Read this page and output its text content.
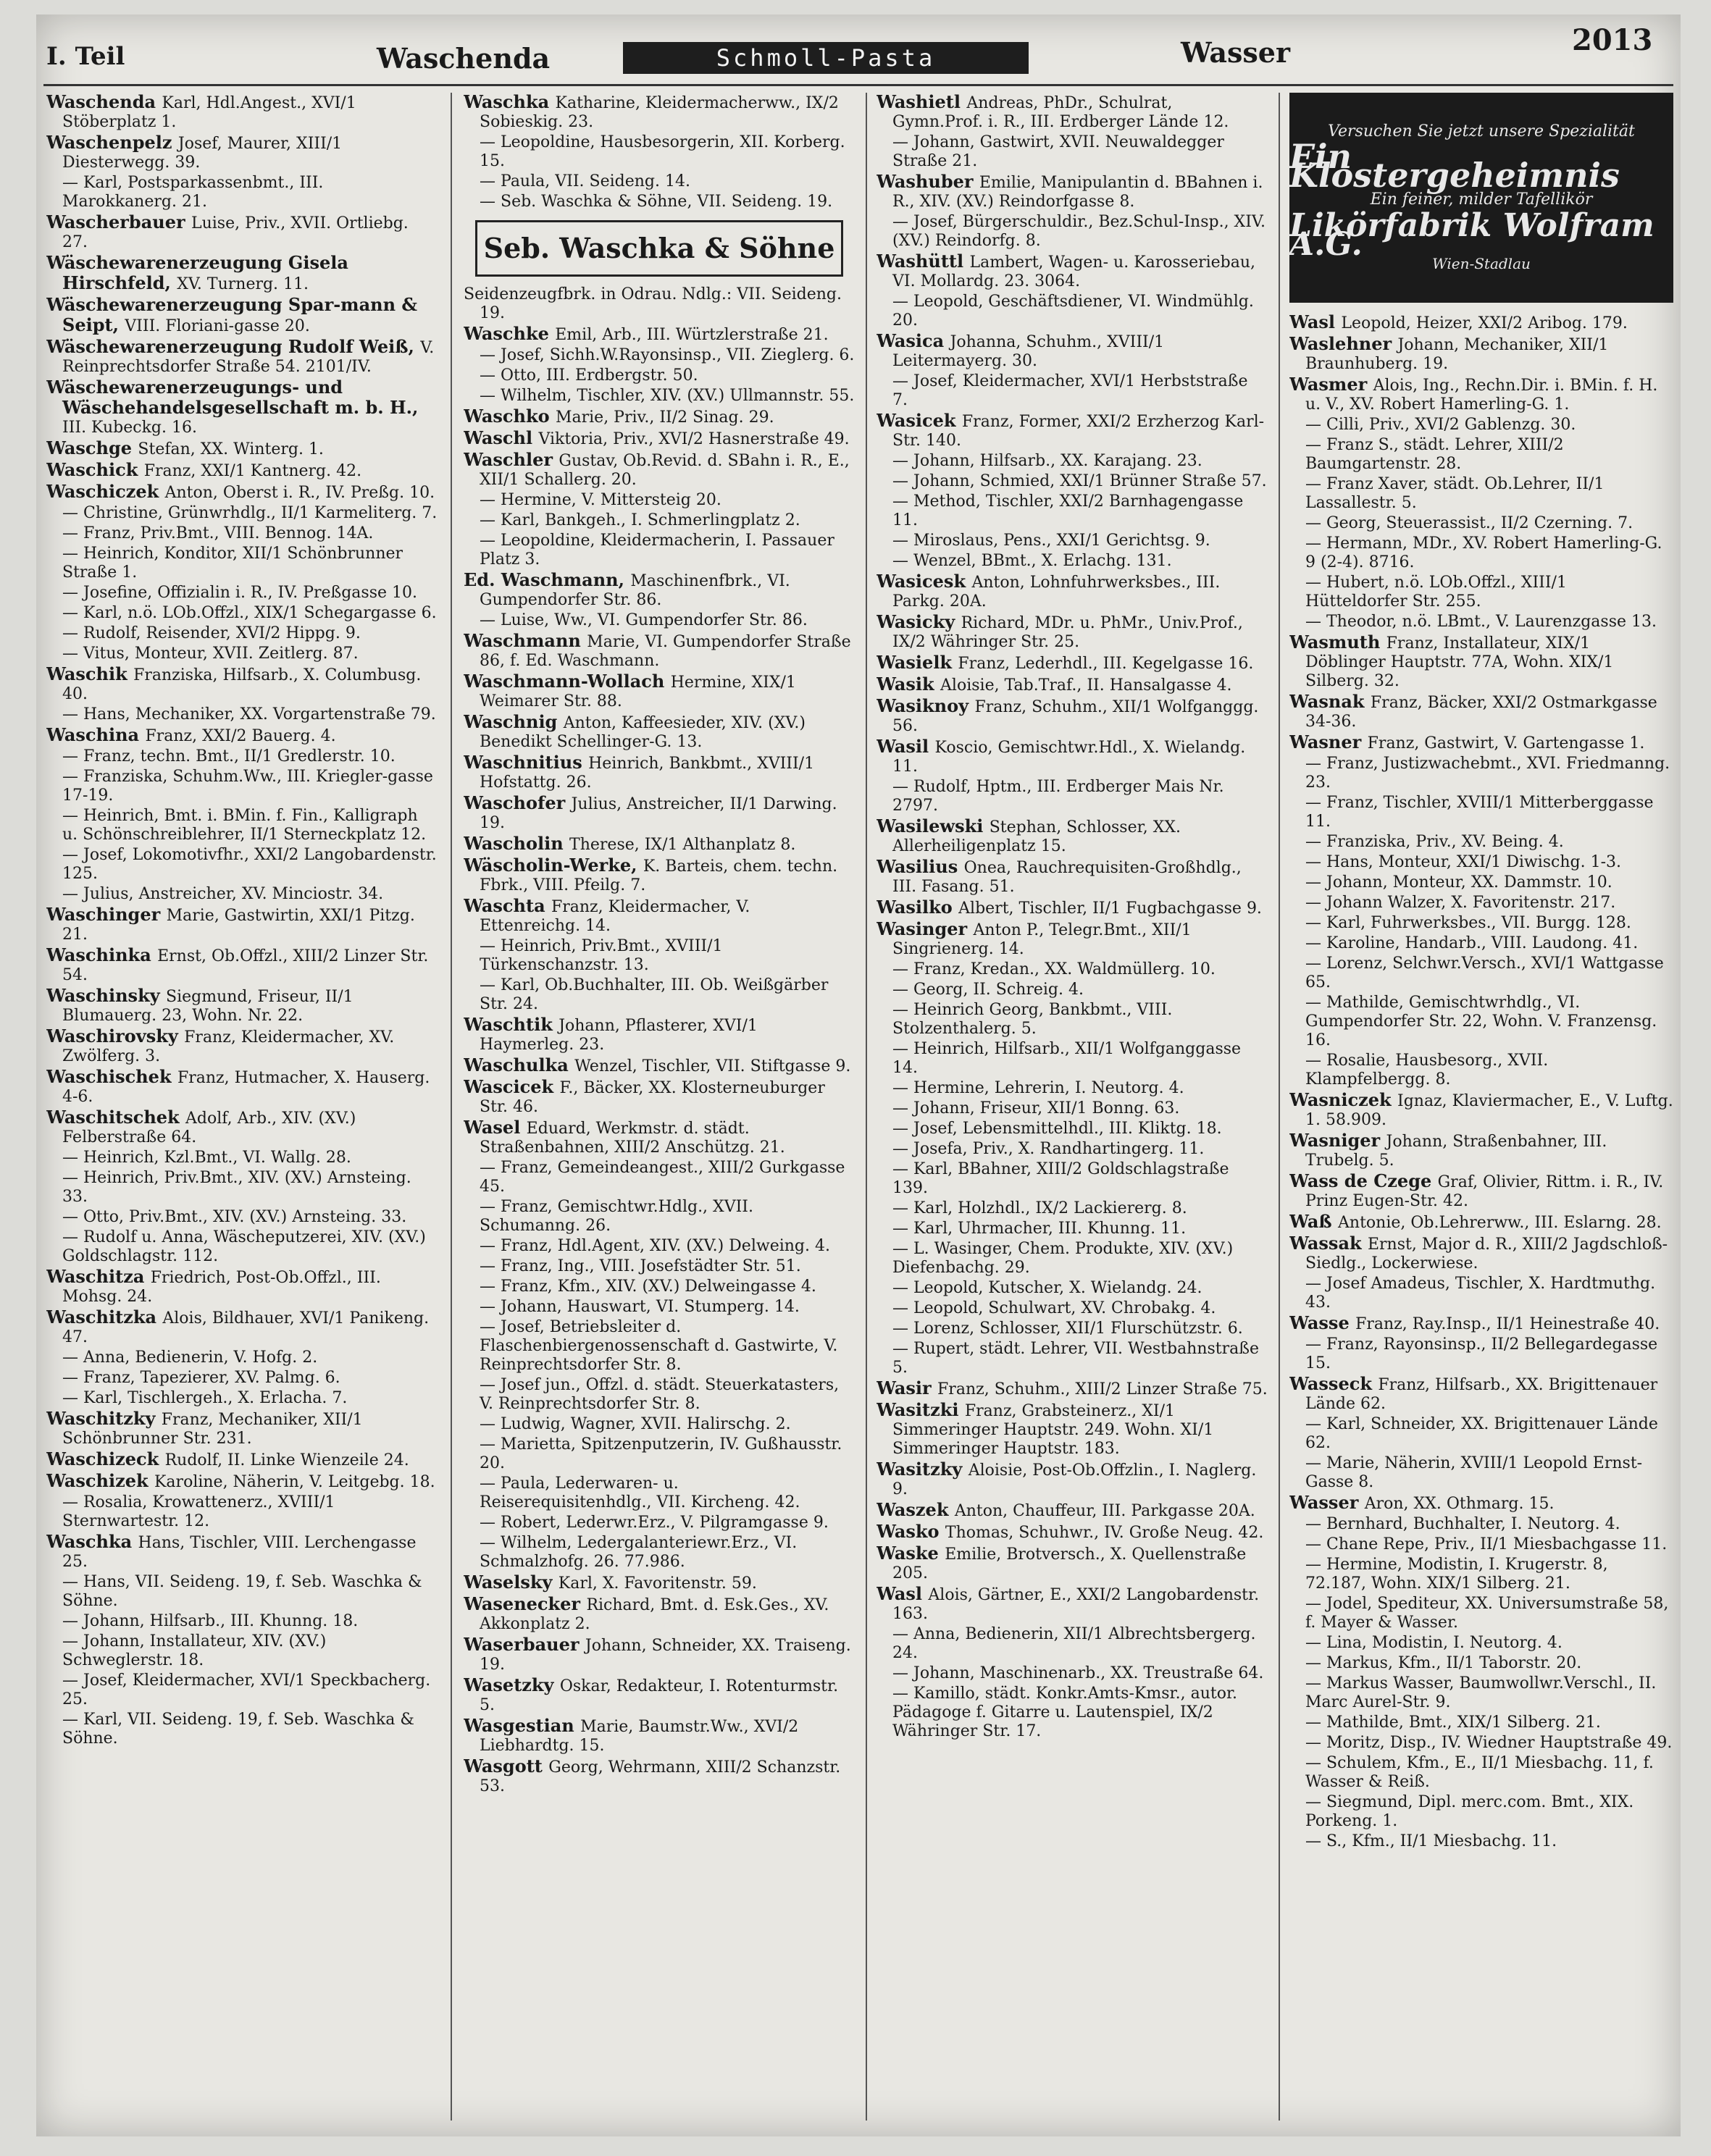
I. Teil	Waschenda	Schmoll-Pasta	Wasser	2013
Waschenda Karl, Hdl.Angest., XVI/1 Stöberplatz 1.
Waschenpelz Josef, Maurer, XIII/1 Diesterwegg. 39.
— Karl, Postsparkassenbmt., III. Marokkanerg. 21.
Wascherbauer Luise, Priv., XVII. Ortliebg. 27.
Wäschewarenerzeugung Gisela Hirschfeld, XV. Turnerg. 11.
Wäschewarenerzeugung Spar-mann & Seipt, VIII. Floriani-gasse 20.
Wäschewarenerzeugung Rudolf Weiß, V. Reinprechtsdorfer Straße 54. 2101/IV.
Wäschewarenerzeugungs- und Wäschehandelsgesellschaft m. b. H., III. Kubeckg. 16.
Waschge Stefan, XX. Winterg. 1.
Waschick Franz, XXI/1 Kantnerg. 42.
Waschiczek Anton, Oberst i. R., IV. Preßg. 10.
— Christine, Grünwrhdlg., II/1 Karmeliterg. 7.
— Franz, Priv.Bmt., VIII. Bennog. 14A.
— Heinrich, Konditor, XII/1 Schönbrunner Straße 1.
— Josefine, Offizialin i. R., IV. Preßgasse 10.
— Karl, n.ö. LOb.Offzl., XIX/1 Schegargasse 6.
— Rudolf, Reisender, XVI/2 Hippg. 9.
— Vitus, Monteur, XVII. Zeitlerg. 87.
Waschik Franziska, Hilfsarb., X. Columbusg. 40.
— Hans, Mechaniker, XX. Vorgartenstraße 79.
Waschina Franz, XXI/2 Bauerg. 4.
— Franz, techn. Bmt., II/1 Gredlerstr. 10.
— Franziska, Schuhm.Ww., III. Kriegler-gasse 17-19.
— Heinrich, Bmt. i. BMin. f. Fin., Kalligraph u. Schönschreiblehrer, II/1 Sterneckplatz 12.
— Josef, Lokomotivfhr., XXI/2 Langobardenstr. 125.
— Julius, Anstreicher, XV. Minciostr. 34.
Waschinger Marie, Gastwirtin, XXI/1 Pitzg. 21.
Waschinka Ernst, Ob.Offzl., XIII/2 Linzer Str. 54.
Waschinsky Siegmund, Friseur, II/1 Blumauerg. 23, Wohn. Nr. 22.
Waschirovsky Franz, Kleidermacher, XV. Zwölferg. 3.
Waschischek Franz, Hutmacher, X. Hauserg. 4-6.
Waschitschek Adolf, Arb., XIV. (XV.) Felberstraße 64.
— Heinrich, Kzl.Bmt., VI. Wallg. 28.
— Heinrich, Priv.Bmt., XIV. (XV.) Arnsteing. 33.
— Otto, Priv.Bmt., XIV. (XV.) Arnsteing. 33.
— Rudolf u. Anna, Wäscheputzerei, XIV. (XV.) Goldschlagstr. 112.
Waschitza Friedrich, Post-Ob.Offzl., III. Mohsg. 24.
Waschitzka Alois, Bildhauer, XVI/1 Panikeng. 47.
— Anna, Bedienerin, V. Hofg. 2.
— Franz, Tapezierer, XV. Palmg. 6.
— Karl, Tischlergeh., X. Erlacha. 7.
Waschitzky Franz, Mechaniker, XII/1 Schönbrunner Str. 231.
Waschizeck Rudolf, II. Linke Wienzeile 24.
Waschizek Karoline, Näherin, V. Leitgebg. 18.
— Rosalia, Krowattenerz., XVIII/1 Sternwartestr. 12.
Waschka Hans, Tischler, VIII. Lerchengasse 25.
— Hans, VII. Seideng. 19, f. Seb. Waschka & Söhne.
— Johann, Hilfsarb., III. Khunng. 18.
— Johann, Installateur, XIV. (XV.) Schweglerstr. 18.
— Josef, Kleidermacher, XVI/1 Speckbacherg. 25.
— Karl, VII. Seideng. 19, f. Seb. Waschka & Söhne.
Waschka Katharine, Kleidermacherww., IX/2 Sobieskig. 23.
— Leopoldine, Hausbesorgerin, XII. Korberg. 15.
— Paula, VII. Seideng. 14.
— Seb. Waschka & Söhne, VII. Seideng. 19.
Seb. Waschka & Söhne
Seidenzeugfbrk. in Odrau. Ndlg.: VII. Seideng. 19.
Waschke Emil, Arb., III. Würtzlerstraße 21.
— Josef, Sichh.W.Rayonsinsp., VII. Zieglerg. 6.
— Otto, III. Erdbergstr. 50.
— Wilhelm, Tischler, XIV. (XV.) Ullmannstr. 55.
Waschko Marie, Priv., II/2 Sinag. 29.
Waschl Viktoria, Priv., XVI/2 Hasnerstraße 49.
Waschler Gustav, Ob.Revid. d. SBahn i. R., E., XII/1 Schallerg. 20.
— Hermine, V. Mittersteig 20.
— Karl, Bankgeh., I. Schmerlingplatz 2.
— Leopoldine, Kleidermacherin, I. Passauer Platz 3.
Ed. Waschmann, Maschinenfbrk., VI. Gumpendorfer Str. 86.
— Luise, Ww., VI. Gumpendorfer Str. 86.
Waschmann Marie, VI. Gumpendorfer Straße 86, f. Ed. Waschmann.
Waschmann-Wollach Hermine, XIX/1 Weimarer Str. 88.
Waschnig Anton, Kaffeesieder, XIV. (XV.) Benedikt Schellinger-G. 13.
Waschnitius Heinrich, Bankbmt., XVIII/1 Hofstattg. 26.
Waschofer Julius, Anstreicher, II/1 Darwing. 19.
Wascholin Therese, IX/1 Althanplatz 8.
Wäscholin-Werke, K. Barteis, chem. techn. Fbrk., VIII. Pfeilg. 7.
Waschta Franz, Kleidermacher, V. Ettenreichg. 14.
— Heinrich, Priv.Bmt., XVIII/1 Türkenschanzstr. 13.
— Karl, Ob.Buchhalter, III. Ob. Weißgärber Str. 24.
Waschtik Johann, Pflasterer, XVI/1 Haymerleg. 23.
Waschulka Wenzel, Tischler, VII. Stiftgasse 9.
Wascicek F., Bäcker, XX. Klosterneuburger Str. 46.
Wasel Eduard, Werkmstr. d. städt. Straßenbahnen, XIII/2 Anschützg. 21.
— Franz, Gemeindeangest., XIII/2 Gurkgasse 45.
— Franz, Gemischtwr.Hdlg., XVII. Schumanng. 26.
— Franz, Hdl.Agent, XIV. (XV.) Delweing. 4.
— Franz, Ing., VIII. Josefstädter Str. 51.
— Franz, Kfm., XIV. (XV.) Delweingasse 4.
— Johann, Hauswart, VI. Stumperg. 14.
— Josef, Betriebsleiter d. Flaschenbiergenossenschaft d. Gastwirte, V. Reinprechtsdorfer Str. 8.
— Josef jun., Offzl. d. städt. Steuerkatasters, V. Reinprechtsdorfer Str. 8.
— Ludwig, Wagner, XVII. Halirschg. 2.
— Marietta, Spitzenputzerin, IV. Gußhausstr. 20.
— Paula, Lederwaren- u. Reiserequisitenhdlg., VII. Kircheng. 42.
— Robert, Lederwr.Erz., V. Pilgramgasse 9.
— Wilhelm, Ledergalanteriewr.Erz., VI. Schmalzhofg. 26. 77.986.
Waselsky Karl, X. Favoritenstr. 59.
Wasenecker Richard, Bmt. d. Esk.Ges., XV. Akkonplatz 2.
Waserbauer Johann, Schneider, XX. Traiseng. 19.
Wasetzky Oskar, Redakteur, I. Rotenturmstr. 5.
Wasgestian Marie, Baumstr.Ww., XVI/2 Liebhardtg. 15.
Wasgott Georg, Wehrmann, XIII/2 Schanzstr. 53.
Washietl Andreas, PhDr., Schulrat, Gymn.Prof. i. R., III. Erdberger Lände 12.
— Johann, Gastwirt, XVII. Neuwaldegger Straße 21.
Washuber Emilie, Manipulantin d. BBahnen i. R., XIV. (XV.) Reindorfgasse 8.
— Josef, Bürgerschuldir., Bez.Schul-Insp., XIV. (XV.) Reindorfg. 8.
Washüttl Lambert, Wagen- u. Karosseriebau, VI. Mollardg. 23. 3064.
— Leopold, Geschäftsdiener, VI. Windmühlg. 20.
Wasica Johanna, Schuhm., XVIII/1 Leitermayerg. 30.
— Josef, Kleidermacher, XVI/1 Herbststraße 7.
Wasicek Franz, Former, XXI/2 Erzherzog Karl-Str. 140.
— Johann, Hilfsarb., XX. Karajang. 23.
— Johann, Schmied, XXI/1 Brünner Straße 57.
— Method, Tischler, XXI/2 Barnhagengasse 11.
— Miroslaus, Pens., XXI/1 Gerichtsg. 9.
— Wenzel, BBmt., X. Erlachg. 131.
Wasicesk Anton, Lohnfuhrwerksbes., III. Parkg. 20A.
Wasicky Richard, MDr. u. PhMr., Univ.Prof., IX/2 Währinger Str. 25.
Wasielk Franz, Lederhdl., III. Kegelgasse 16.
Wasik Aloisie, Tab.Traf., II. Hansalgasse 4.
Wasiknoy Franz, Schuhm., XII/1 Wolfganggg. 56.
Wasil Koscio, Gemischtwr.Hdl., X. Wielandg. 11.
— Rudolf, Hptm., III. Erdberger Mais Nr. 2797.
Wasilewski Stephan, Schlosser, XX. Allerheiligenplatz 15.
Wasilius Onea, Rauchrequisiten-Großhdlg., III. Fasang. 51.
Wasilko Albert, Tischler, II/1 Fugbachgasse 9.
Wasinger Anton P., Telegr.Bmt., XII/1 Singrienerg. 14.
— Franz, Kredan., XX. Waldmüllerg. 10.
— Georg, II. Schreig. 4.
— Heinrich Georg, Bankbmt., VIII. Stolzenthalerg. 5.
— Heinrich, Hilfsarb., XII/1 Wolfganggasse 14.
— Hermine, Lehrerin, I. Neutorg. 4.
— Johann, Friseur, XII/1 Bonng. 63.
— Josef, Lebensmittelhdl., III. Kliktg. 18.
— Josefa, Priv., X. Randhartingerg. 11.
— Karl, BBahner, XIII/2 Goldschlagstraße 139.
— Karl, Holzhdl., IX/2 Lackiererg. 8.
— Karl, Uhrmacher, III. Khunng. 11.
— L. Wasinger, Chem. Produkte, XIV. (XV.) Diefenbachg. 29.
— Leopold, Kutscher, X. Wielandg. 24.
— Leopold, Schulwart, XV. Chrobakg. 4.
— Lorenz, Schlosser, XII/1 Flurschützstr. 6.
— Rupert, städt. Lehrer, VII. Westbahnstraße 5.
Wasir Franz, Schuhm., XIII/2 Linzer Straße 75.
Wasitzki Franz, Grabsteinerz., XI/1 Simmeringer Hauptstr. 249. Wohn. XI/1 Simmeringer Hauptstr. 183.
Wasitzky Aloisie, Post-Ob.Offzlin., I. Naglerg. 9.
Waszek Anton, Chauffeur, III. Parkgasse 20A.
Wasko Thomas, Schuhwr., IV. Große Neug. 42.
Waske Emilie, Brotversch., X. Quellenstraße 205.
Wasl Alois, Gärtner, E., XXI/2 Langobardenstr. 163.
— Anna, Bedienerin, XII/1 Albrechtsbergerg. 24.
— Johann, Maschinenarb., XX. Treustraße 64.
— Kamillo, städt. Konkr.Amts-Kmsr., autor. Pädagoge f. Gitarre u. Lautenspiel, IX/2 Währinger Str. 17.
Versuchen Sie jetzt unsere Spezialität
Ein Klostergeheimnis
Ein feiner, milder Tafellikör
Likörfabrik Wolfram A.G.
Wien-Stadlau
Wasl Leopold, Heizer, XXI/2 Aribog. 179.
Waslehner Johann, Mechaniker, XII/1 Braunhuberg. 19.
Wasmer Alois, Ing., Rechn.Dir. i. BMin. f. H. u. V., XV. Robert Hamerling-G. 1.
— Cilli, Priv., XVI/2 Gablenzg. 30.
— Franz S., städt. Lehrer, XIII/2 Baumgartenstr. 28.
— Franz Xaver, städt. Ob.Lehrer, II/1 Lassallestr. 5.
— Georg, Steuerassist., II/2 Czerning. 7.
— Hermann, MDr., XV. Robert Hamerling-G. 9 (2-4). 8716.
— Hubert, n.ö. LOb.Offzl., XIII/1 Hütteldorfer Str. 255.
— Theodor, n.ö. LBmt., V. Laurenzgasse 13.
Wasmuth Franz, Installateur, XIX/1 Döblinger Hauptstr. 77A, Wohn. XIX/1 Silberg. 32.
Wasnak Franz, Bäcker, XXI/2 Ostmarkgasse 34-36.
Wasner Franz, Gastwirt, V. Gartengasse 1.
— Franz, Justizwachebmt., XVI. Friedmanng. 23.
— Franz, Tischler, XVIII/1 Mitterberggasse 11.
— Franziska, Priv., XV. Being. 4.
— Hans, Monteur, XXI/1 Diwischg. 1-3.
— Johann, Monteur, XX. Dammstr. 10.
— Johann Walzer, X. Favoritenstr. 217.
— Karl, Fuhrwerksbes., VII. Burgg. 128.
— Karoline, Handarb., VIII. Laudong. 41.
— Lorenz, Selchwr.Versch., XVI/1 Wattgasse 65.
— Mathilde, Gemischtwrhdlg., VI. Gumpendorfer Str. 22, Wohn. V. Franzensg. 16.
— Rosalie, Hausbesorg., XVII. Klampfelbergg. 8.
Wasniczek Ignaz, Klaviermacher, E., V. Luftg. 1. 58.909.
Wasniger Johann, Straßenbahner, III. Trubelg. 5.
Wass de Czege Graf, Olivier, Rittm. i. R., IV. Prinz Eugen-Str. 42.
Waß Antonie, Ob.Lehrerww., III. Eslarng. 28.
Wassak Ernst, Major d. R., XIII/2 Jagdschloß-Siedlg., Lockerwiese.
— Josef Amadeus, Tischler, X. Hardtmuthg. 43.
Wasse Franz, Ray.Insp., II/1 Heinestraße 40.
— Franz, Rayonsinsp., II/2 Bellegardegasse 15.
Wasseck Franz, Hilfsarb., XX. Brigittenauer Lände 62.
— Karl, Schneider, XX. Brigittenauer Lände 62.
— Marie, Näherin, XVIII/1 Leopold Ernst-Gasse 8.
Wasser Aron, XX. Othmarg. 15.
— Bernhard, Buchhalter, I. Neutorg. 4.
— Chane Repe, Priv., II/1 Miesbachgasse 11.
— Hermine, Modistin, I. Krugerstr. 8, 72.187, Wohn. XIX/1 Silberg. 21.
— Jodel, Spediteur, XX. Universumstraße 58, f. Mayer & Wasser.
— Lina, Modistin, I. Neutorg. 4.
— Markus, Kfm., II/1 Taborstr. 20.
— Markus Wasser, Baumwollwr.Verschl., II. Marc Aurel-Str. 9.
— Mathilde, Bmt., XIX/1 Silberg. 21.
— Moritz, Disp., IV. Wiedner Hauptstraße 49.
— Schulem, Kfm., E., II/1 Miesbachg. 11, f. Wasser & Reiß.
— Siegmund, Dipl. merc.com. Bmt., XIX. Porkeng. 1.
— S., Kfm., II/1 Miesbachg. 11.
